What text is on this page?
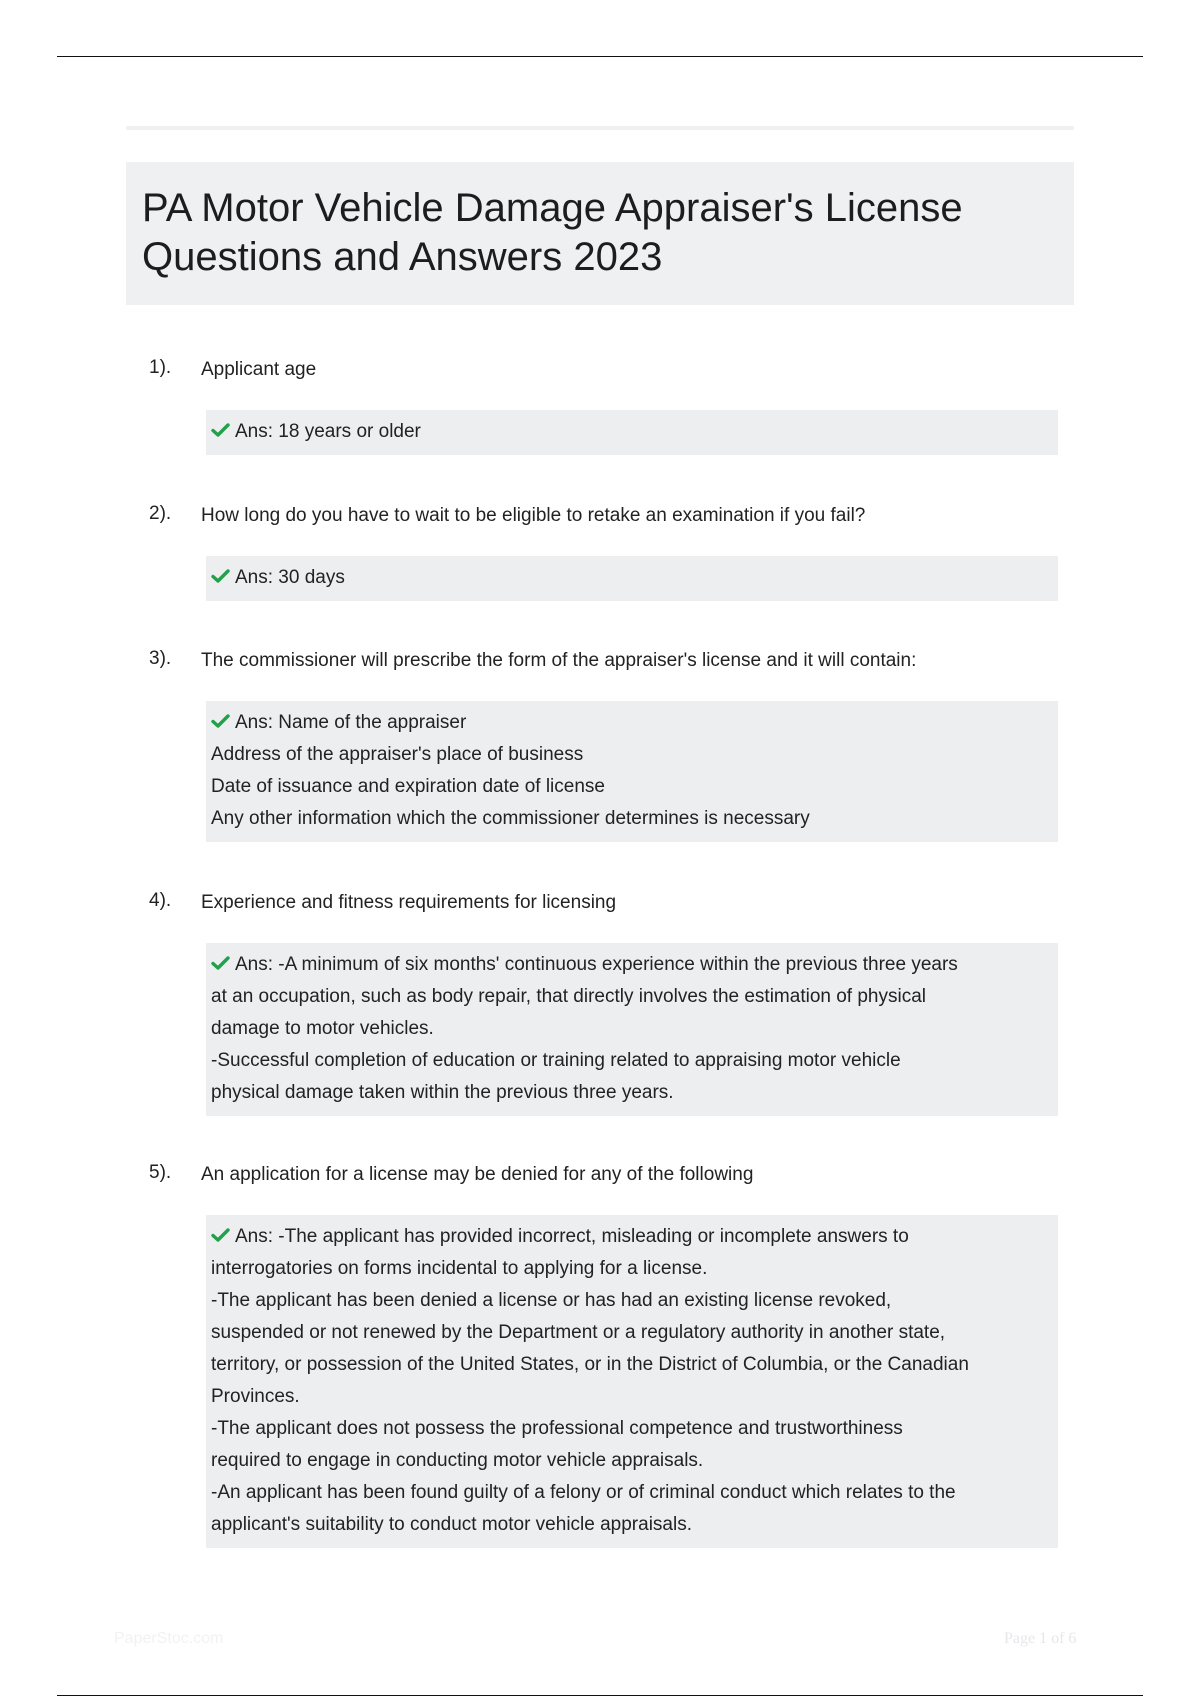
PA Motor Vehicle Damage Appraiser's License
Questions and Answers 2023
1). Applicant age
Ans: 18 years or older
2). How long do you have to wait to be eligible to retake an examination if you fail?
Ans: 30 days
3). The commissioner will prescribe the form of the appraiser's license and it will contain:
Ans: Name of the appraiser
Address of the appraiser's place of business
Date of issuance and expiration date of license
Any other information which the commissioner determines is necessary
4). Experience and fitness requirements for licensing
Ans: -A minimum of six months' continuous experience within the previous three years
at an occupation, such as body repair, that directly involves the estimation of physical
damage to motor vehicles.
-Successful completion of education or training related to appraising motor vehicle
physical damage taken within the previous three years.
5). An application for a license may be denied for any of the following
Ans: -The applicant has provided incorrect, misleading or incomplete answers to
interrogatories on forms incidental to applying for a license.
-The applicant has been denied a license or has had an existing license revoked,
suspended or not renewed by the Department or a regulatory authority in another state,
territory, or possession of the United States, or in the District of Columbia, or the Canadian
Provinces.
-The applicant does not possess the professional competence and trustworthiness
required to engage in conducting motor vehicle appraisals.
-An applicant has been found guilty of a felony or of criminal conduct which relates to the
applicant's suitability to conduct motor vehicle appraisals.
PaperStoc.com	Page 1 of 6
